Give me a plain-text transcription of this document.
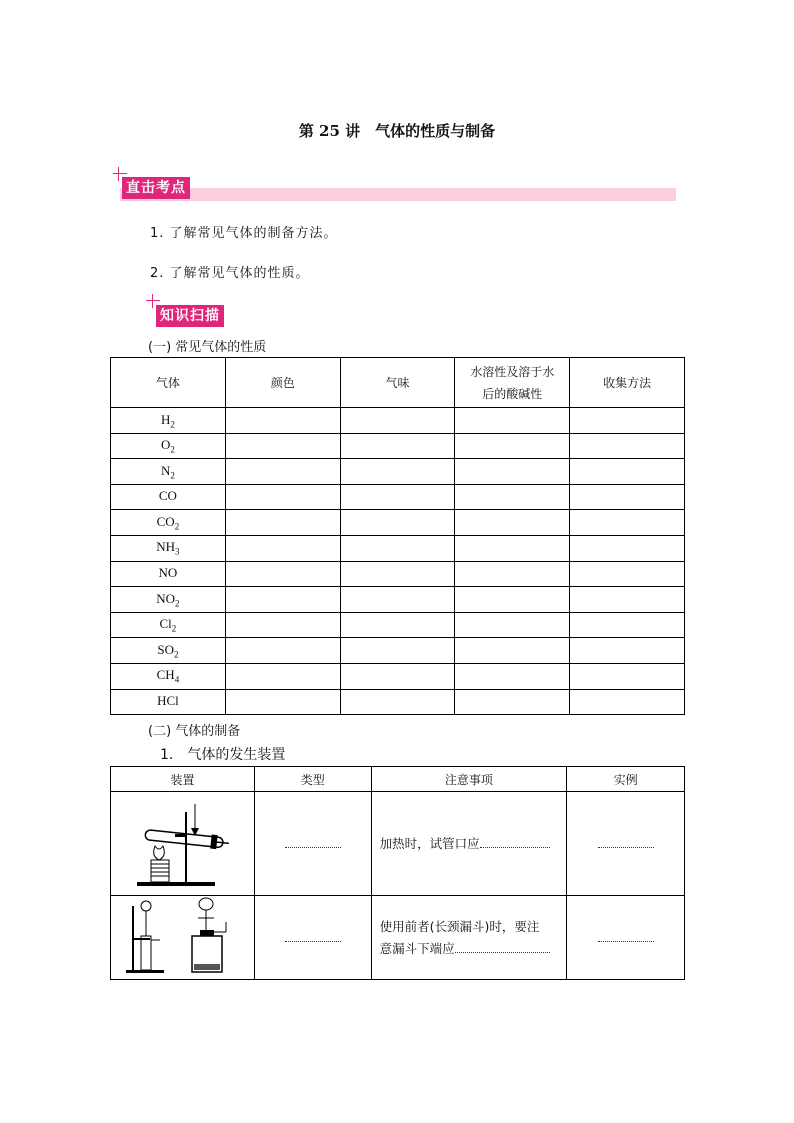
第 25 讲　气体的性质与制备
直击考点
1. 了解常见气体的制备方法。
2. 了解常见气体的性质。
知识扫描
(一) 常见气体的性质
气体	颜色	气味	水溶性及溶于水
后的酸碱性	收集方法
$H_2$				
$O_2$				
$N_2$				
CO				
$CO_2$				
$NH_3$				
NO				
$NO_2$				
$Cl_2$				
$SO_2$				
$CH_4$				
HCl				
(二) 气体的制备
1.　气体的发生装置
装置	类型	注意事项	实例
		加热时，试管口应	
		使用前者(长颈漏斗)时，要注
意漏斗下端应	
